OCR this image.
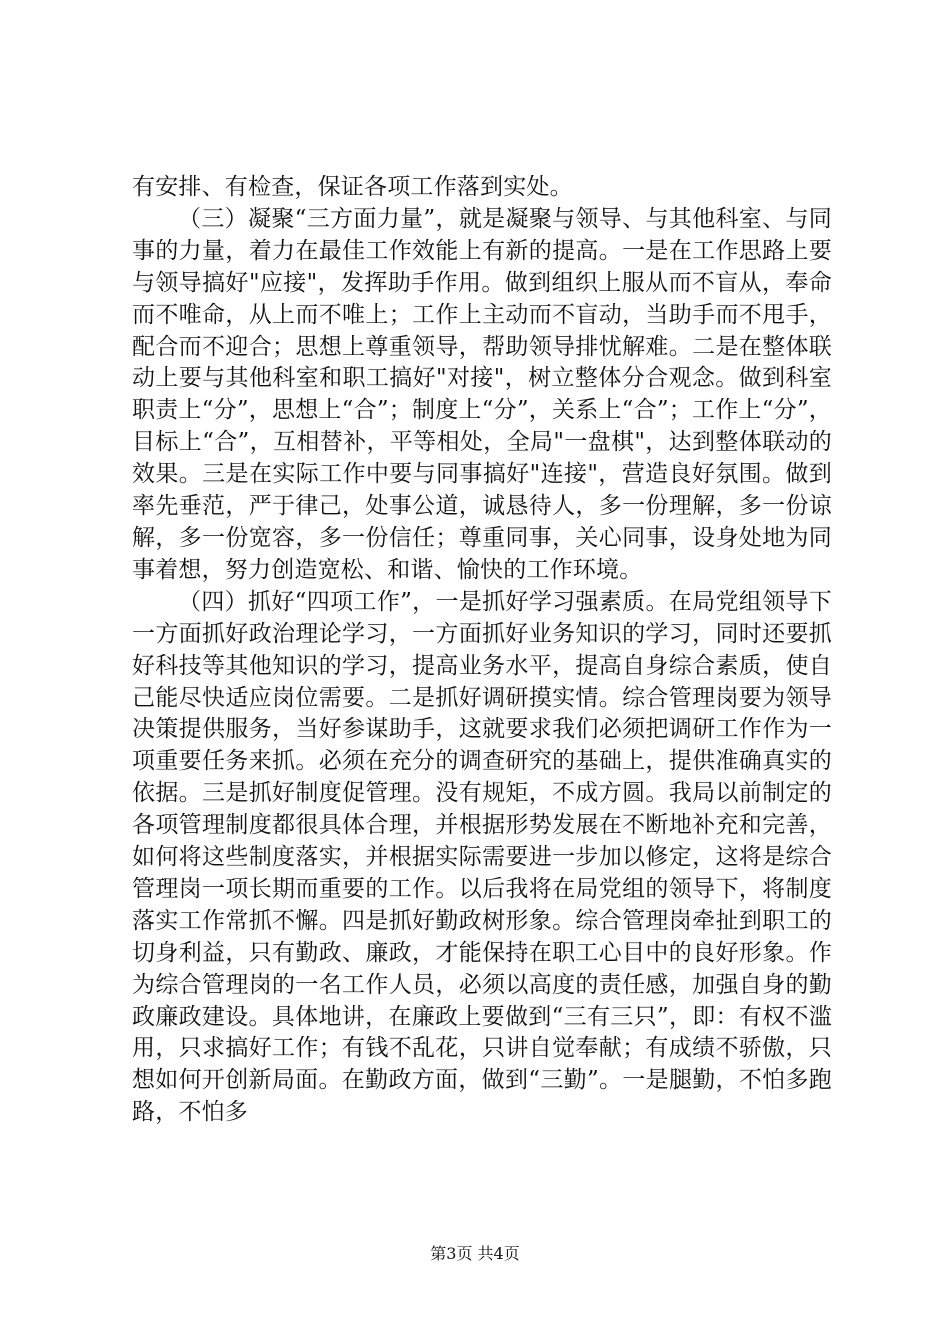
有安排、有检查，保证各项工作落到实处。

（三）凝聚“三方面力量”，就是凝聚与领导、与其他科室、与同事的力量，着力在最佳工作效能上有新的提高。一是在工作思路上要与领导搞好"应接"，发挥助手作用。做到组织上服从而不盲从，奉命而不唯命，从上而不唯上；工作上主动而不盲动，当助手而不甩手，配合而不迎合；思想上尊重领导，帮助领导排忧解难。二是在整体联动上要与其他科室和职工搞好"对接"，树立整体分合观念。做到科室职责上“分”，思想上“合”；制度上“分”，关系上“合”；工作上“分”，目标上“合”，互相替补，平等相处，全局"一盘棋"，达到整体联动的效果。三是在实际工作中要与同事搞好"连接"，营造良好氛围。做到率先垂范，严于律己，处事公道，诚恳待人，多一份理解，多一份谅解，多一份宽容，多一份信任；尊重同事，关心同事，设身处地为同事着想，努力创造宽松、和谐、愉快的工作环境。

（四）抓好“四项工作”，一是抓好学习强素质。在局党组领导下一方面抓好政治理论学习，一方面抓好业务知识的学习，同时还要抓好科技等其他知识的学习，提高业务水平，提高自身综合素质，使自己能尽快适应岗位需要。二是抓好调研摸实情。综合管理岗要为领导决策提供服务，当好参谋助手，这就要求我们必须把调研工作作为一项重要任务来抓。必须在充分的调查研究的基础上，提供准确真实的依据。三是抓好制度促管理。没有规矩，不成方圆。我局以前制定的各项管理制度都很具体合理，并根据形势发展在不断地补充和完善，如何将这些制度落实，并根据实际需要进一步加以修定，这将是综合管理岗一项长期而重要的工作。以后我将在局党组的领导下，将制度落实工作常抓不懈。四是抓好勤政树形象。综合管理岗牵扯到职工的切身利益，只有勤政、廉政，才能保持在职工心目中的良好形象。作为综合管理岗的一名工作人员，必须以高度的责任感，加强自身的勤政廉政建设。具体地讲，在廉政上要做到“三有三只”，即：有权不滥用，只求搞好工作；有钱不乱花，只讲自觉奉献；有成绩不骄傲，只想如何开创新局面。在勤政方面，做到“三勤”。一是腿勤，不怕多跑路，不怕多

第3页 共4页
